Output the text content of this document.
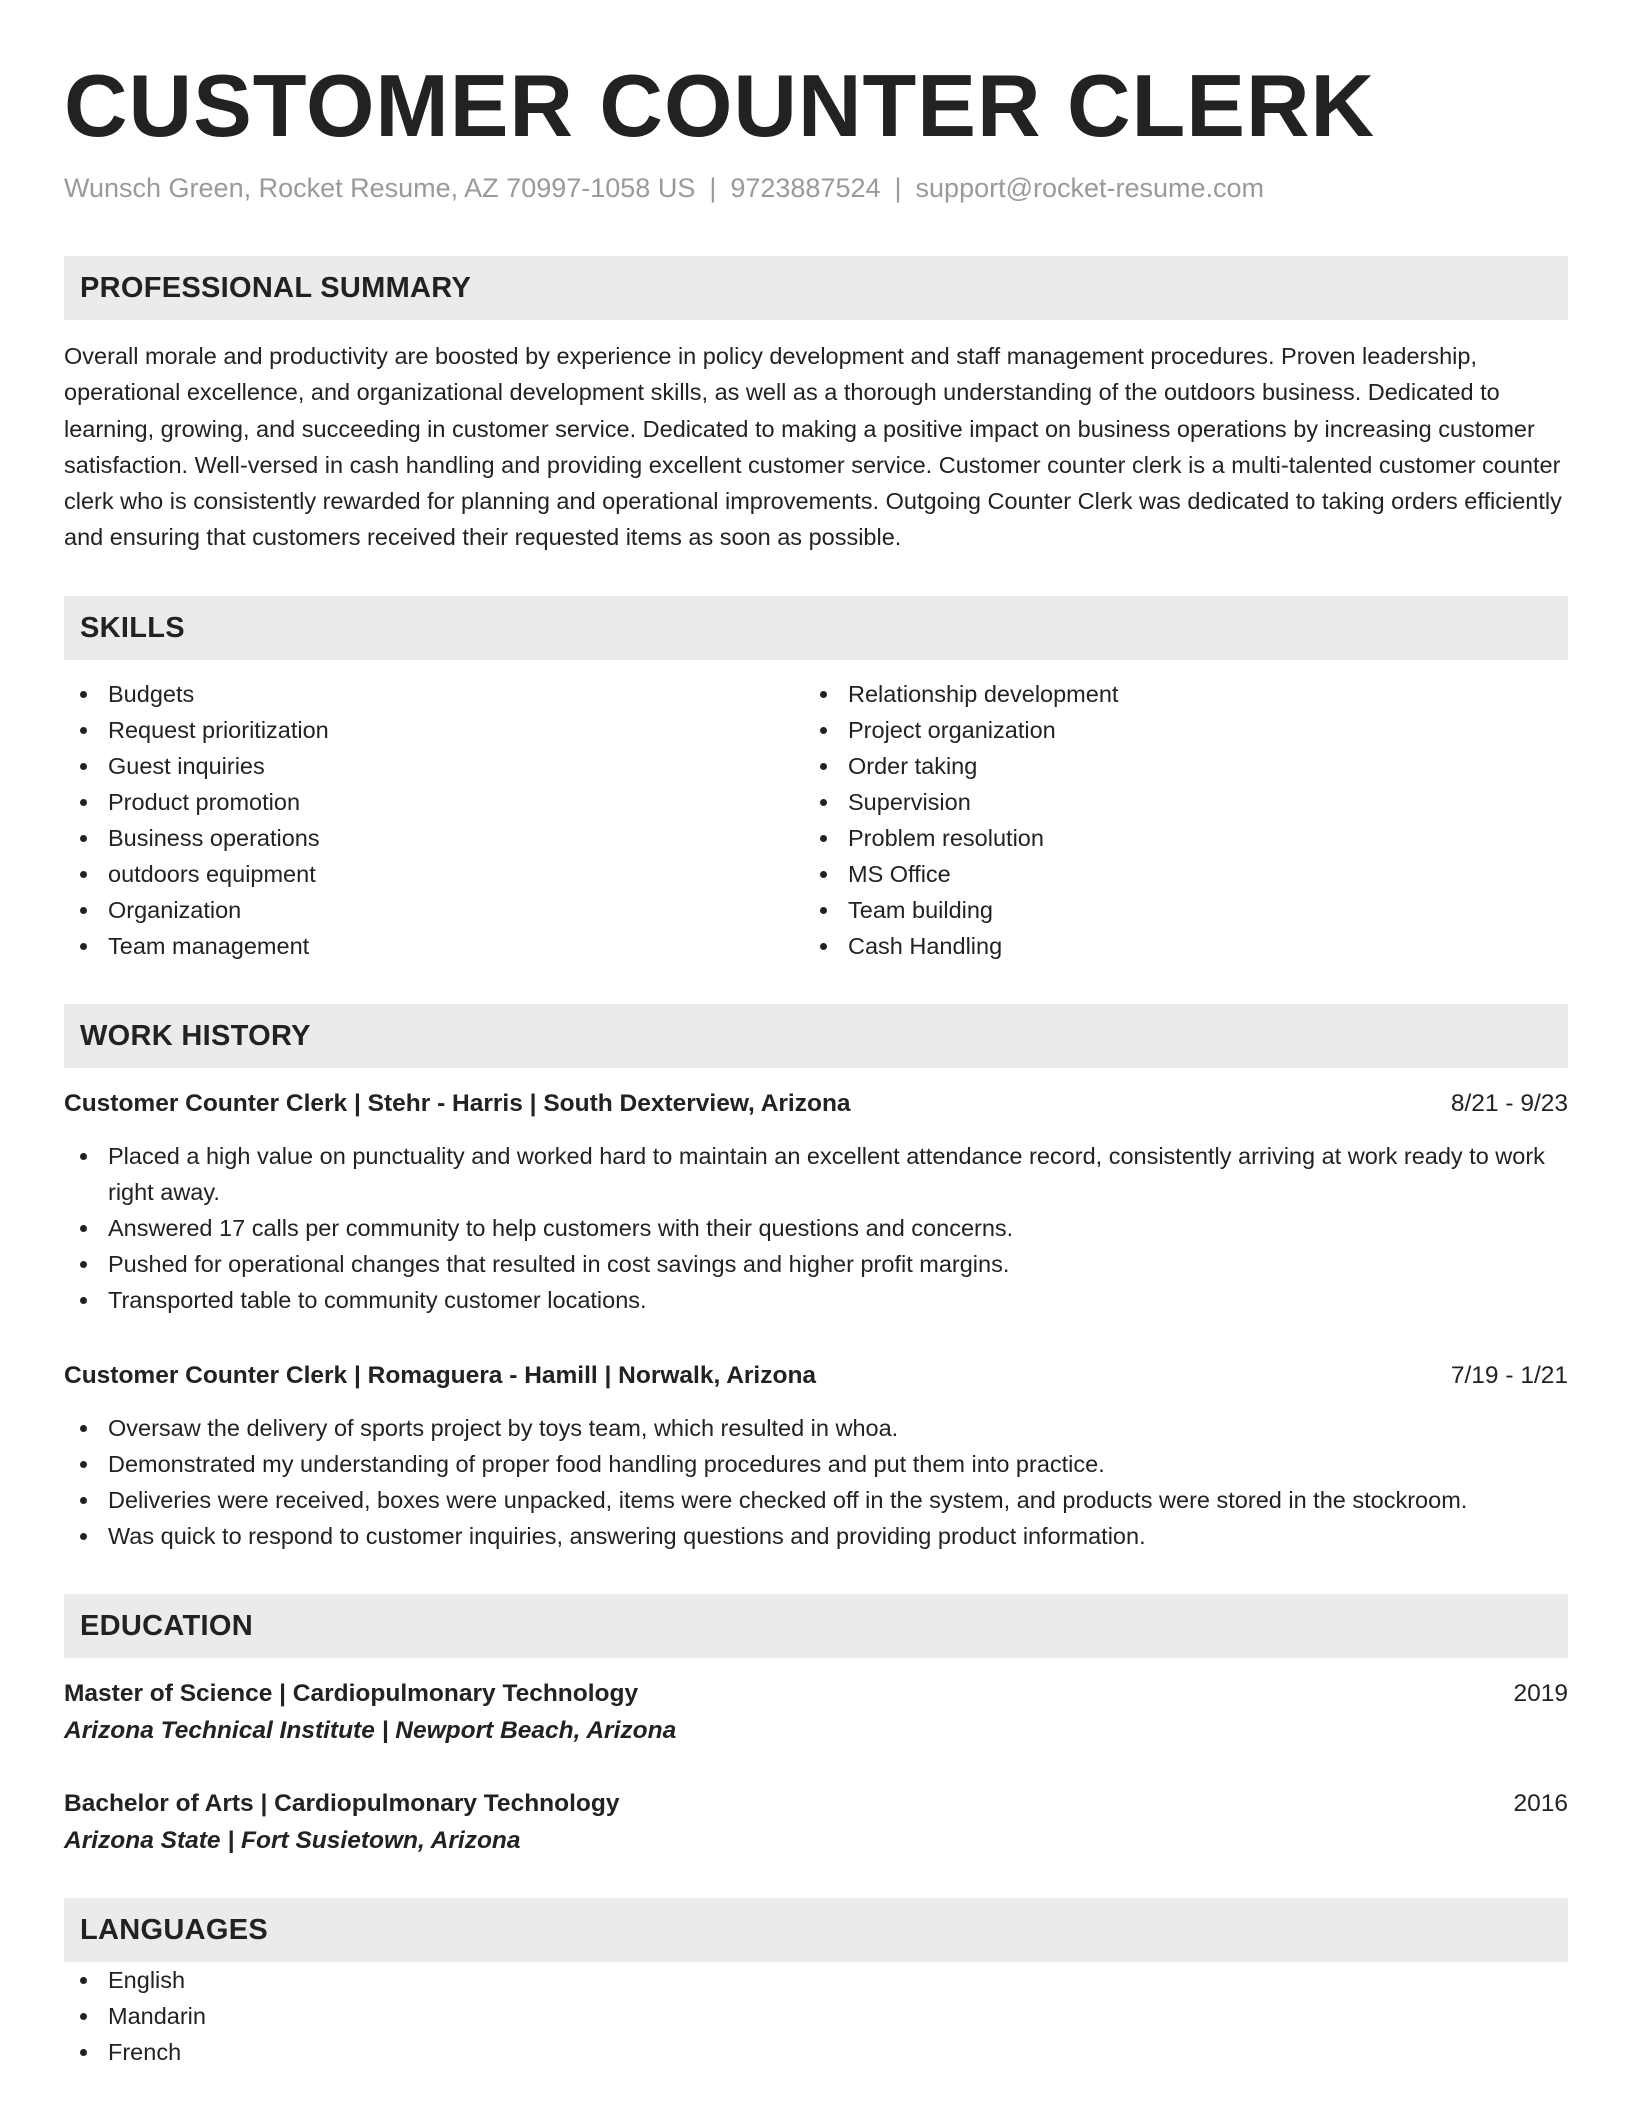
CUSTOMER COUNTER CLERK
Wunsch Green, Rocket Resume, AZ 70997-1058 US | 9723887524 | support@rocket-resume.com
PROFESSIONAL SUMMARY
Overall morale and productivity are boosted by experience in policy development and staff management procedures. Proven leadership, operational excellence, and organizational development skills, as well as a thorough understanding of the outdoors business. Dedicated to learning, growing, and succeeding in customer service. Dedicated to making a positive impact on business operations by increasing customer satisfaction. Well-versed in cash handling and providing excellent customer service. Customer counter clerk is a multi-talented customer counter clerk who is consistently rewarded for planning and operational improvements. Outgoing Counter Clerk was dedicated to taking orders efficiently and ensuring that customers received their requested items as soon as possible.
SKILLS
Budgets
Request prioritization
Guest inquiries
Product promotion
Business operations
outdoors equipment
Organization
Team management
Relationship development
Project organization
Order taking
Supervision
Problem resolution
MS Office
Team building
Cash Handling
WORK HISTORY
Customer Counter Clerk | Stehr - Harris | South Dexterview, Arizona	8/21 - 9/23
Placed a high value on punctuality and worked hard to maintain an excellent attendance record, consistently arriving at work ready to work right away.
Answered 17 calls per community to help customers with their questions and concerns.
Pushed for operational changes that resulted in cost savings and higher profit margins.
Transported table to community customer locations.
Customer Counter Clerk | Romaguera - Hamill | Norwalk, Arizona	7/19 - 1/21
Oversaw the delivery of sports project by toys team, which resulted in whoa.
Demonstrated my understanding of proper food handling procedures and put them into practice.
Deliveries were received, boxes were unpacked, items were checked off in the system, and products were stored in the stockroom.
Was quick to respond to customer inquiries, answering questions and providing product information.
EDUCATION
Master of Science | Cardiopulmonary Technology	2019
Arizona Technical Institute | Newport Beach, Arizona
Bachelor of Arts | Cardiopulmonary Technology	2016
Arizona State | Fort Susietown, Arizona
LANGUAGES
English
Mandarin
French
